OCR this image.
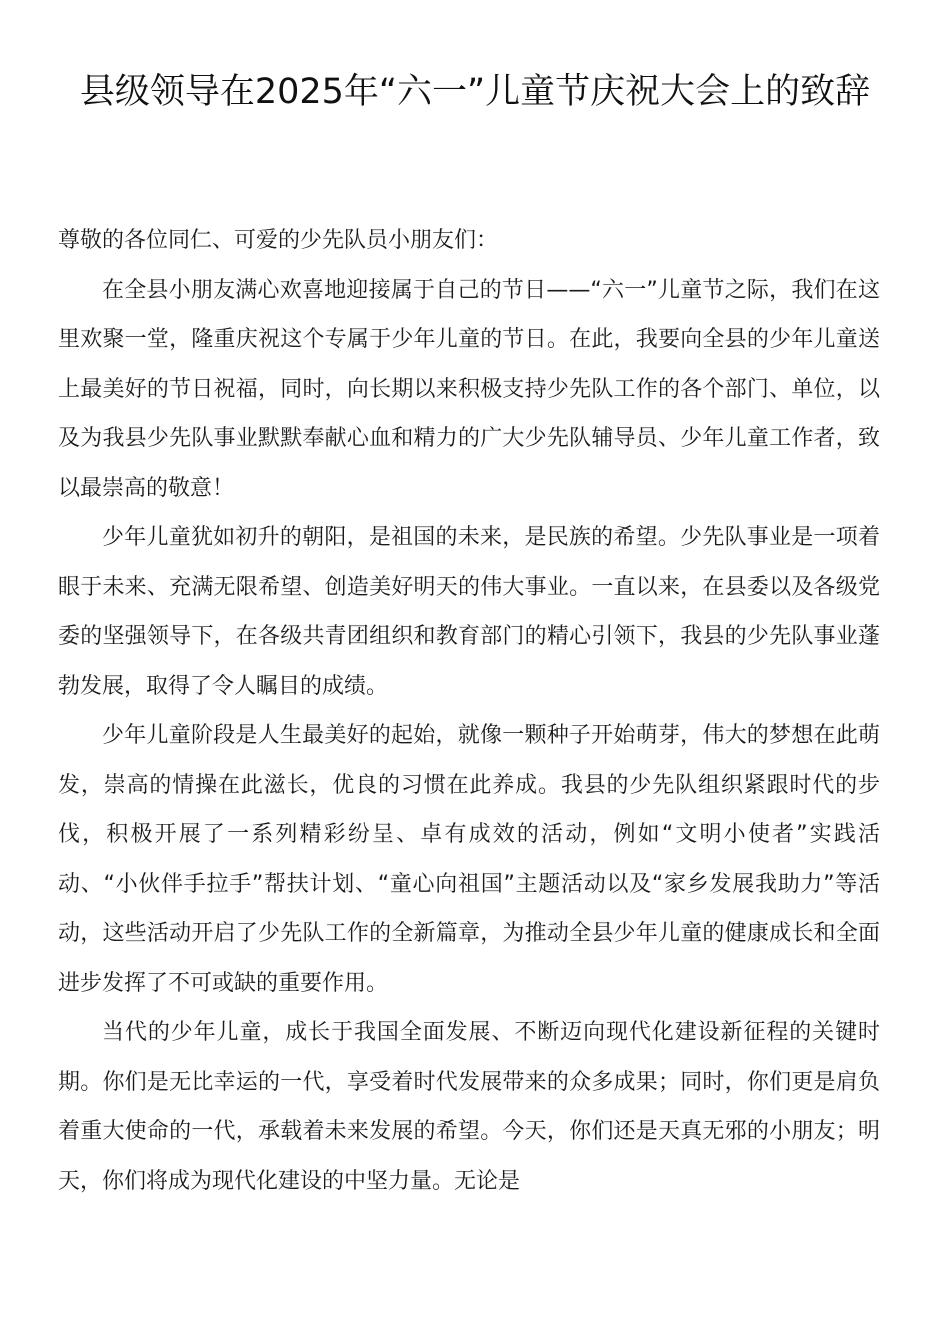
县级领导在2025年“六一”儿童节庆祝大会上的致辞

尊敬的各位同仁、可爱的少先队员小朋友们：

在全县小朋友满心欢喜地迎接属于自己的节日——“六一”儿童节之际，我们在这里欢聚一堂，隆重庆祝这个专属于少年儿童的节日。在此，我要向全县的少年儿童送上最美好的节日祝福，同时，向长期以来积极支持少先队工作的各个部门、单位，以及为我县少先队事业默默奉献心血和精力的广大少先队辅导员、少年儿童工作者，致以最崇高的敬意！

少年儿童犹如初升的朝阳，是祖国的未来，是民族的希望。少先队事业是一项着眼于未来、充满无限希望、创造美好明天的伟大事业。一直以来，在县委以及各级党委的坚强领导下，在各级共青团组织和教育部门的精心引领下，我县的少先队事业蓬勃发展，取得了令人瞩目的成绩。

少年儿童阶段是人生最美好的起始，就像一颗种子开始萌芽，伟大的梦想在此萌发，崇高的情操在此滋长，优良的习惯在此养成。我县的少先队组织紧跟时代的步伐，积极开展了一系列精彩纷呈、卓有成效的活动，例如“文明小使者”实践活动、“小伙伴手拉手”帮扶计划、“童心向祖国”主题活动以及“家乡发展我助力”等活动，这些活动开启了少先队工作的全新篇章，为推动全县少年儿童的健康成长和全面进步发挥了不可或缺的重要作用。

当代的少年儿童，成长于我国全面发展、不断迈向现代化建设新征程的关键时期。你们是无比幸运的一代，享受着时代发展带来的众多成果；同时，你们更是肩负着重大使命的一代，承载着未来发展的希望。今天，你们还是天真无邪的小朋友；明天，你们将成为现代化建设的中坚力量。无论是
